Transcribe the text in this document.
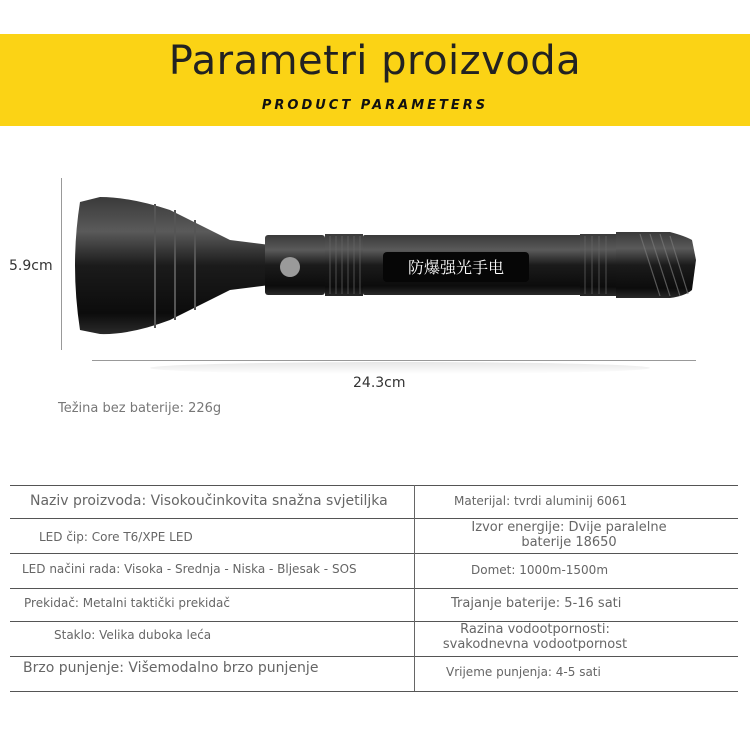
Parametri proizvoda
PRODUCT PARAMETERS
5.9cm	防爆强光手电
24.3cm
Težina bez baterije: 226g
Naziv proizvoda: Visokoučinkovita snažna svjetiljka
LED čip: Core T6/XPE LED
LED načini rada: Visoka - Srednja - Niska - Bljesak - SOS
Prekidač: Metalni taktički prekidač
Staklo: Velika duboka leća
Brzo punjenje: Višemodalno brzo punjenje
Materijal: tvrdi aluminij 6061
Izvor energije: Dvije paralelne
baterije 18650
Domet: 1000m-1500m
Trajanje baterije: 5-16 sati
Razina vodootpornosti:
svakodnevna vodootpornost
Vrijeme punjenja: 4-5 sati
